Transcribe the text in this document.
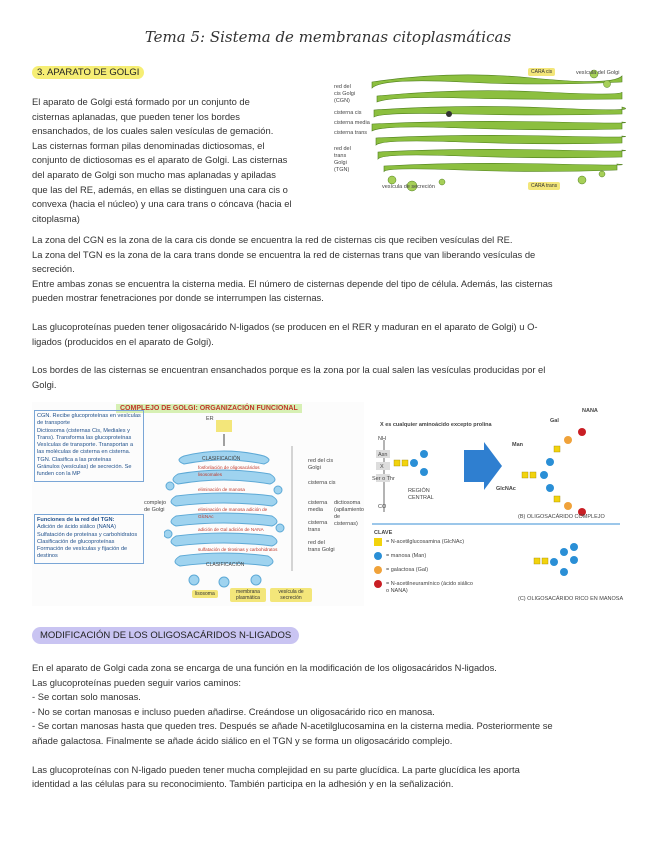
Tema 5: Sistema de membranas citoplasmáticas
3. APARATO DE GOLGI
El aparato de Golgi está formado por un conjunto de
cisternas aplanadas, que pueden tener los bordes
ensanchados, de los cuales salen vesículas de gemación.
Las cisternas forman pilas denominadas dictiosomas, el
conjunto de dictiosomas es el aparato de Golgi. Las cisternas
del aparato de Golgi son mucho mas aplanadas y apiladas
que las del RE, además, en ellas se distinguen una cara cis o
convexa (hacia el núcleo) y una cara trans o cóncava (hacia el
citoplasma)
CARA cis	vesícula del Golgi
red del
cis Golgi
(CGN)
cisterna cis
cisterna media
cisterna trans
red del
trans
Golgi
(TGN)
vesícula de secreción	CARA trans
La zona del CGN es la zona de la cara cis donde se encuentra la red de cisternas cis que reciben vesículas del RE.
La zona del TGN es la zona de la cara trans donde se encuentra la red de cisternas trans que van liberando vesículas de
secreción.
Entre ambas zonas se encuentra la cisterna media. El número de cisternas depende del tipo de célula. Además, las cisternas
pueden mostrar fenetraciones por donde se interrumpen las cisternas.
Las glucoproteínas pueden tener oligosacárido N-ligados (se producen en el RER y maduran en el aparato de Golgi) u O-
ligados (producidos en el aparato de Golgi).
Los bordes de las cisternas se encuentran ensanchados porque es la zona por la cual salen las vesículas producidas por el
Golgi.
COMPLEJO DE GOLGI: ORGANIZACIÓN FUNCIONAL
CGN. Recibe glucoproteínas en vesículas de transporte
Dictiosoma (cisternas Cis, Mediales y Trans). Transforma las glucoproteínas
Vesículas de transporte. Transportan a las moléculas de cisterna en cisterna.
TGN. Clasifica a las proteínas
Gránulos (vesículas) de secreción. Se funden con la MP
Funciones de la red del TGN:
Adición de ácido siálico (NANA)
Sulfatación de proteínas y carbohidratos
Clasificación de glucoproteínas
Formación de vesículas y fijación de destinos
complejo
de Golgi
ER
CLASIFICACIÓN
fosforilación de oligosacáridos lisosomales
eliminación de manosa
eliminación de manosa adición de GlcNAc
adición de Gal adición de NANA
sulfatación de tirosinas y carbohidratos
CLASIFICACIÓN
red del cis Golgi
cisterna cis
cisterna media
cisterna trans
red del trans Golgi
dictiosoma
(apilamiento
de cisternas)
lisosoma	membrana plasmática
vesícula de secreción
X es cualquier aminoácido excepto prolina
NANA
Gal
Man
GlcNAc
NH
Asn
X
Ser o Thr
CO
REGIÓN
CENTRAL
(B) OLIGOSACÁRIDO COMPLEJO
CLAVE
= N-acetilglucosamina (GlcNAc)
= manosa (Man)
= galactosa (Gal)
= N-acetilneuramínico (ácido siálico o NANA)
(C) OLIGOSACÁRIDO RICO EN MANOSA
MODIFICACIÓN DE LOS OLIGOSACÁRIDOS N-LIGADOS
En el aparato de Golgi cada zona se encarga de una función en la modificación de los oligosacáridos N-ligados.
Las glucoproteínas pueden seguir varios caminos:
- Se cortan solo manosas.
- No se cortan manosas e incluso pueden añadirse. Creándose un oligosacárido rico en manosa.
- Se cortan manosas hasta que queden tres. Después se añade N-acetilglucosamina en la cisterna media. Posteriormente se
añade galactosa. Finalmente se añade ácido siálico en el TGN y se forma un oligosacárido complejo.
Las glucoproteínas con N-ligado pueden tener mucha complejidad en su parte glucídica. La parte glucídica les aporta
identidad a las células para su reconocimiento. También participa en la adhesión y en la señalización.
